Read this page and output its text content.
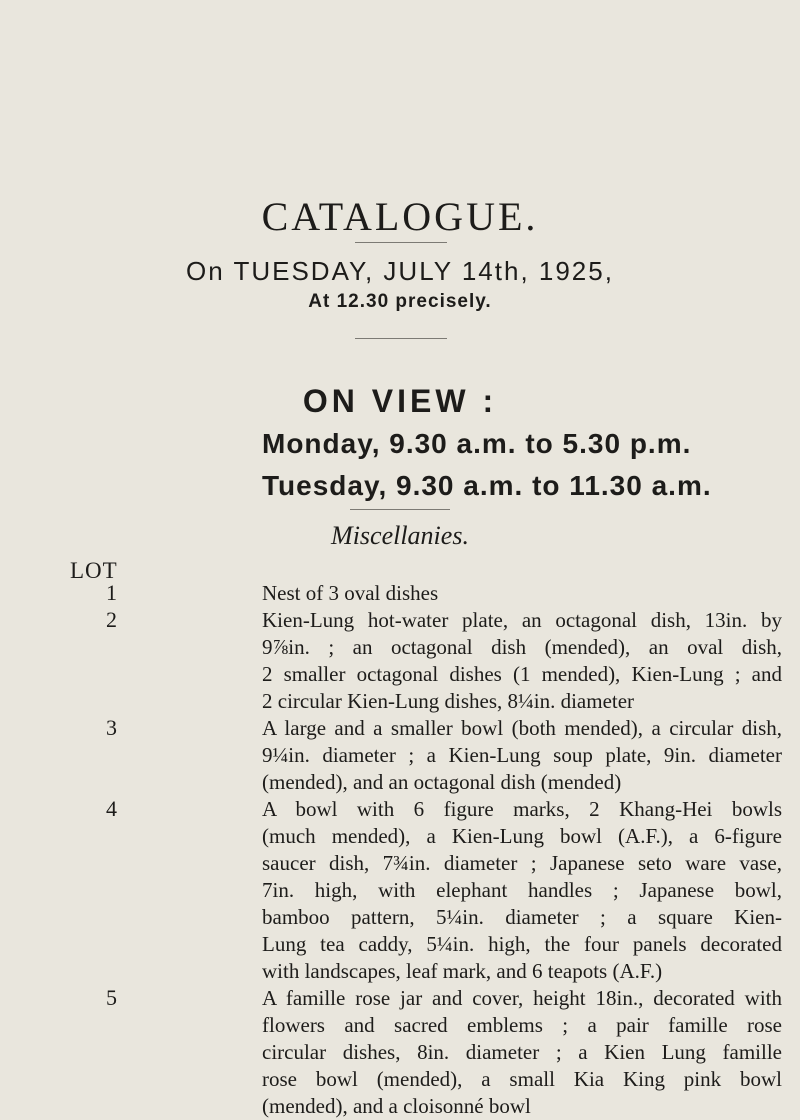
CATALOGUE.
On TUESDAY, JULY 14th, 1925,
At 12.30 precisely.
ON VIEW :
Monday, 9.30 a.m. to 5.30 p.m.
Tuesday, 9.30 a.m. to 11.30 a.m.
Miscellanies.
LOT
1	Nest of 3 oval dishes
2	Kien-Lung hot-water plate, an octagonal dish, 13in. by
9⅞in. ; an octagonal dish (mended), an oval dish,
2 smaller octagonal dishes (1 mended), Kien-Lung ; and
2 circular Kien-Lung dishes, 8¼in. diameter
3	A large and a smaller bowl (both mended), a circular dish,
9¼in. diameter ; a Kien-Lung soup plate, 9in. diameter
(mended), and an octagonal dish (mended)
4	A bowl with 6 figure marks, 2 Khang-Hei bowls
(much mended), a Kien-Lung bowl (A.F.), a 6-figure
saucer dish, 7¾in. diameter ; Japanese seto ware vase,
7in. high, with elephant handles ; Japanese bowl,
bamboo pattern, 5¼in. diameter ; a square Kien-
Lung tea caddy, 5¼in. high, the four panels decorated
with landscapes, leaf mark, and 6 teapots (A.F.)
5	A famille rose jar and cover, height 18in., decorated with
flowers and sacred emblems ; a pair famille rose
circular dishes, 8in. diameter ; a Kien Lung famille
rose bowl (mended), a small Kia King pink bowl
(mended), and a cloisonné bowl
